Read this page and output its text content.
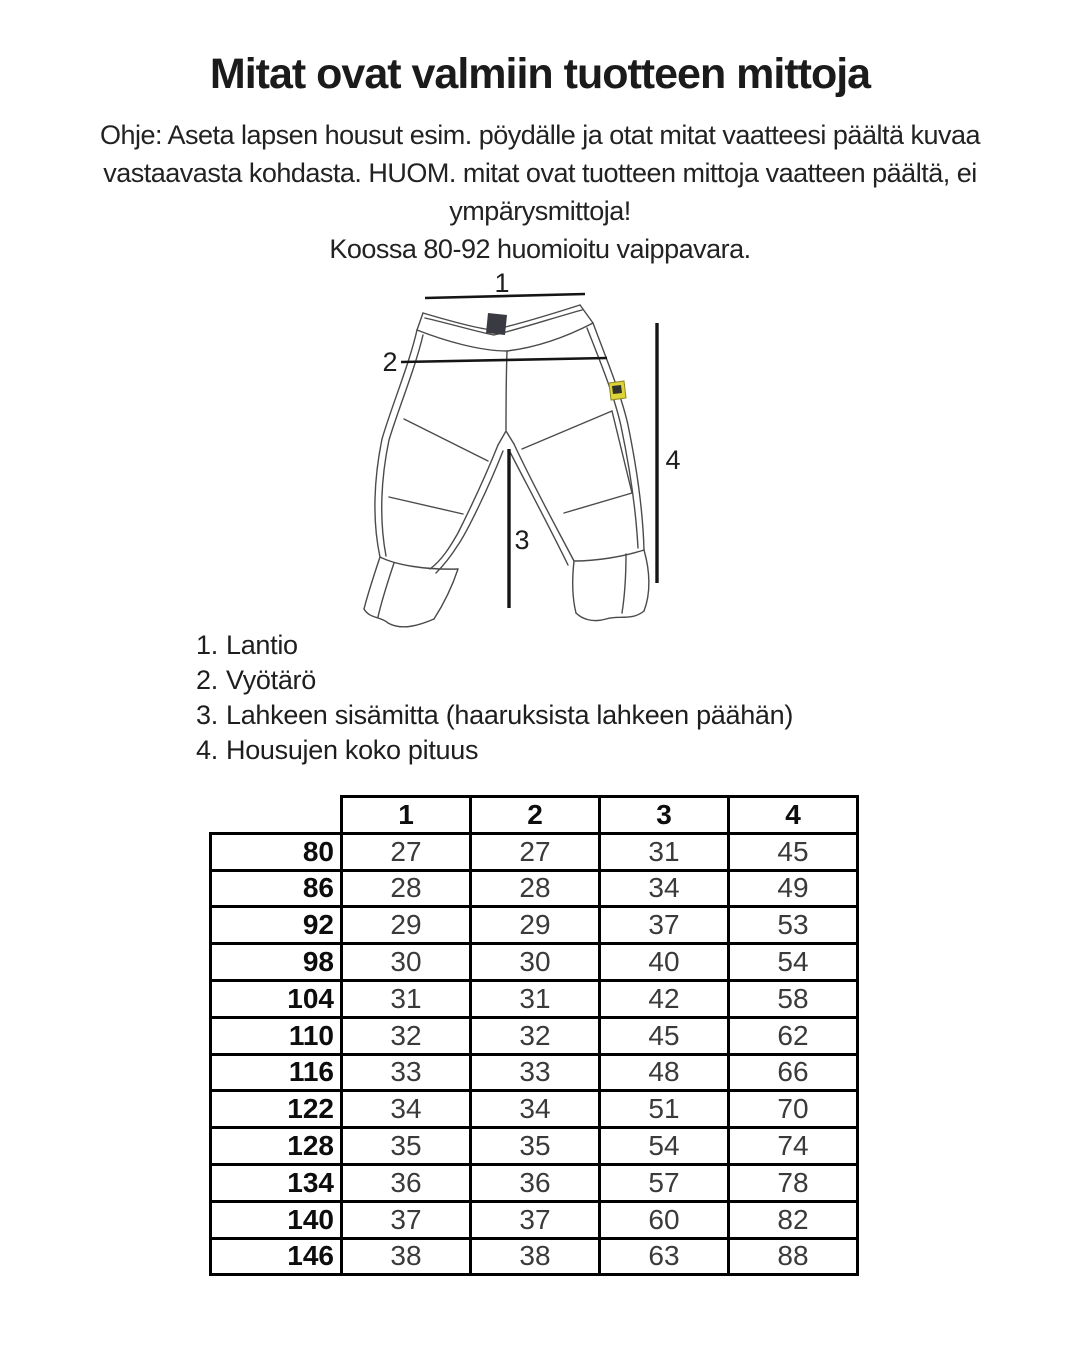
Mitat ovat valmiin tuotteen mittoja
Ohje: Aseta lapsen housut esim. pöydälle ja otat mitat vaatteesi päältä kuvaa
vastaavasta kohdasta. HUOM. mitat ovat tuotteen mittoja vaatteen päältä, ei
ympärysmittoja!
Koossa 80-92 huomioitu vaippavara.
1
2
3
4
1. Lantio
2. Vyötärö
3. Lahkeen sisämitta (haaruksista lahkeen päähän)
4. Housujen koko pituus
	1	2	3	4
80	27	27	31	45
86	28	28	34	49
92	29	29	37	53
98	30	30	40	54
104	31	31	42	58
110	32	32	45	62
116	33	33	48	66
122	34	34	51	70
128	35	35	54	74
134	36	36	57	78
140	37	37	60	82
146	38	38	63	88
